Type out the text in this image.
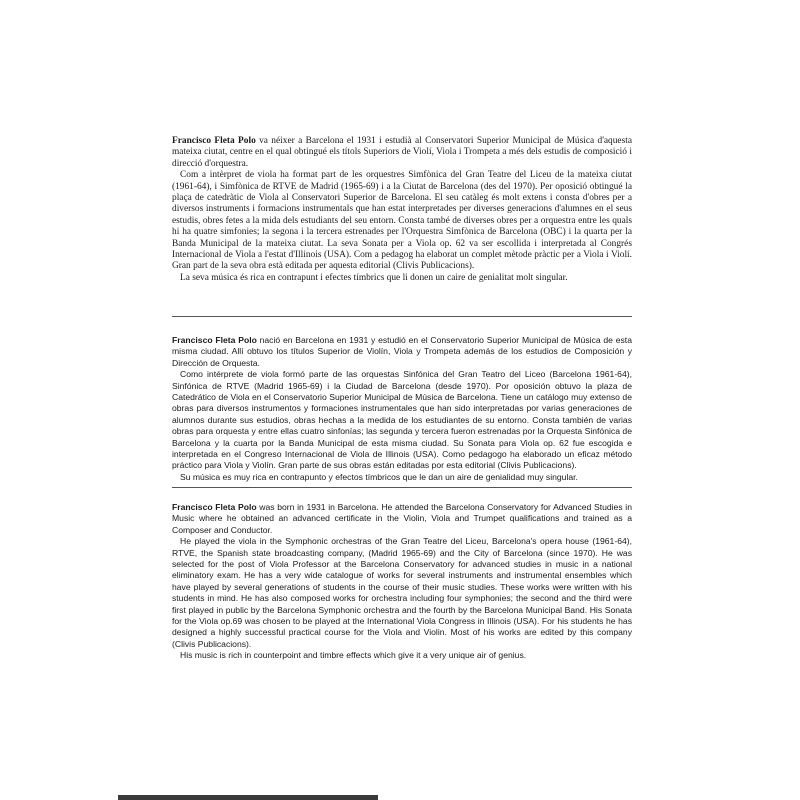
Francisco Fleta Polo va néixer a Barcelona el 1931 i estudià al Conservatori Superior Municipal de Música d'aquesta mateixa ciutat, centre en el qual obtingué els títols Superiors de Violí, Viola i Trompeta a més dels estudis de composició i direcció d'orquestra.

Com a intèrpret de viola ha format part de les orquestres Simfònica del Gran Teatre del Liceu de la mateixa ciutat (1961-64), i Simfònica de RTVE de Madrid (1965-69) i a la Ciutat de Barcelona (des del 1970). Per oposició obtingué la plaça de catedràtic de Viola al Conservatori Superior de Barcelona. El seu catàleg és molt extens i consta d'obres per a diversos instruments i formacions instrumentals que han estat interpretades per diverses generacions d'alumnes en el seus estudis, obres fetes a la mida dels estudiants del seu entorn. Consta també de diverses obres per a orquestra entre les quals hi ha quatre simfonies; la segona i la tercera estrenades per l'Orquestra Simfònica de Barcelona (OBC) i la quarta per la Banda Municipal de la mateixa ciutat. La seva Sonata per a Viola op. 62 va ser escollida i interpretada al Congrés Internacional de Viola a l'estat d'Illinois (USA). Com a pedagog ha elaborat un complet mètode pràctic per a Viola i Violí. Gran part de la seva obra està editada per aquesta editorial (Clivis Publicacions).

La seva música és rica en contrapunt i efectes tímbrics que li donen un caire de genialitat molt singular.

Francisco Fleta Polo nació en Barcelona en 1931 y estudió en el Conservatorio Superior Municipal de Música de esta misma ciudad. Allí obtuvo los títulos Superior de Violín, Viola y Trompeta además de los estudios de Composición y Dirección de Orquesta.

Como intérprete de viola formó parte de las orquestas Sinfónica del Gran Teatro del Liceo (Barcelona 1961-64), Sinfónica de RTVE (Madrid 1965-69) i la Ciudad de Barcelona (desde 1970). Por oposición obtuvo la plaza de Catedrático de Viola en el Conservatorio Superior Municipal de Música de Barcelona. Tiene un catálogo muy extenso de obras para diversos instrumentos y formaciones instrumentales que han sido interpretadas por varias generaciones de alumnos durante sus estudios, obras hechas a la medida de los estudiantes de su entorno. Consta también de varias obras para orquesta y entre ellas cuatro sinfonías; las segunda y tercera fueron estrenadas por la Orquesta Sinfónica de Barcelona y la cuarta por la Banda Municipal de esta misma ciudad. Su Sonata para Viola op. 62 fue escogida e interpretada en el Congreso Internacional de Viola de Illinois (USA). Como pedagogo ha elaborado un eficaz método práctico para Viola y Violín. Gran parte de sus obras están editadas por esta editorial (Clivis Publicacions).

Su música es muy rica en contrapunto y efectos tímbricos que le dan un aire de genialidad muy singular.

Francisco Fleta Polo was born in 1931 in Barcelona. He attended the Barcelona Conservatory for Advanced Studies in Music where he obtained an advanced certificate in the Violin, Viola and Trumpet qualifications and trained as a Composer and Conductor.

He played the viola in the Symphonic orchestras of the Gran Teatre del Liceu, Barcelona's opera house (1961-64), RTVE, the Spanish state broadcasting company, (Madrid 1965-69) and the City of Barcelona (since 1970). He was selected for the post of Viola Professor at the Barcelona Conservatory for advanced studies in music in a national eliminatory exam. He has a very wide catalogue of works for several instruments and instrumental ensembles which have played by several generations of students in the course of their music studies. These works were written with his students in mind. He has also composed works for orchestra including four symphonies; the second and the third were first played in public by the Barcelona Symphonic orchestra and the fourth by the Barcelona Municipal Band. His Sonata for the Viola op.69 was chosen to be played at the International Viola Congress in Illinois (USA). For his students he has designed a highly successful practical course for the Viola and Violin. Most of his works are edited by this company (Clivis Publicacions).

His music is rich in counterpoint and timbre effects which give it a very unique air of genius.
